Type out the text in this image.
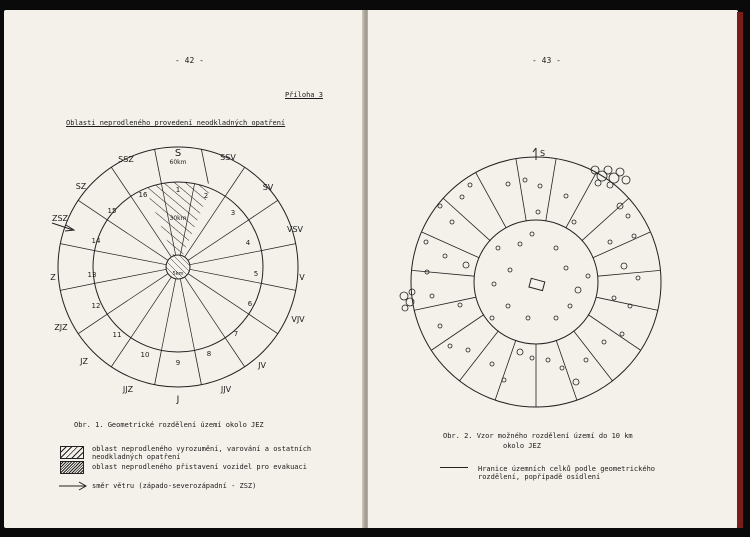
- 42 -
Příloha 3
Oblasti neprodleného provedení neodkladných opatření
60km
30km
5km
S	SSV
SV
VSV
V
VJV
JV
JJV
J
JJZ
JZ
ZJZ
Z
ZSZ
SZ
SSZ
1
2
3
4
5
6
7
8
9
10
11
12
13
14
15
16
Obr. 1. Geometrické rozdělení území okolo JEZ
oblast neprodleného vyrozumění, varování a ostatních
neodkladných opatření
oblast neprodleného přistavení vozidel pro evakuaci
směr větru (západo-severozápadní - ZSZ)
- 43 -
S
Obr. 2. Vzor možného rozdělení území do 10 km
okolo JEZ
Hranice územních celků podle geometrického
rozdělení, popřípadě osídlení
